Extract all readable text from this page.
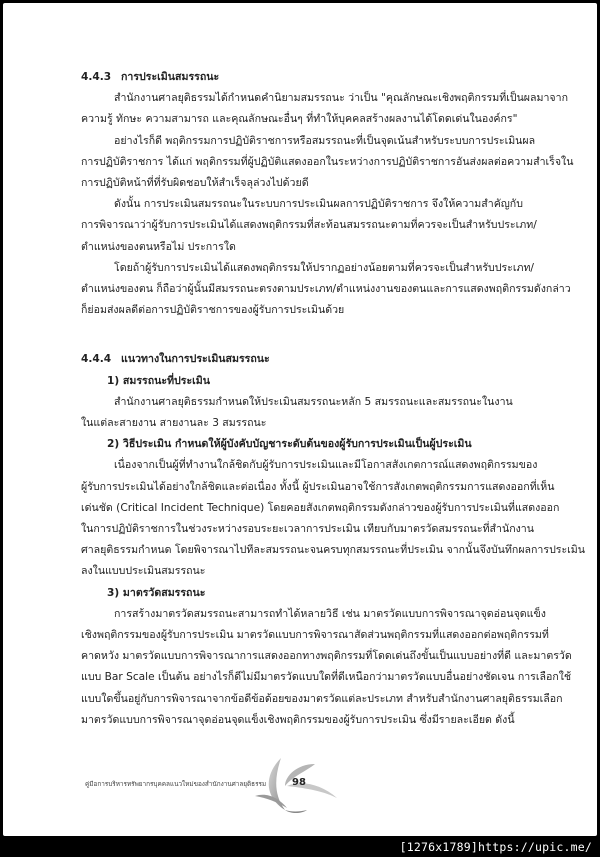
4.4.3 การประเมินสมรรถนะ
สำนักงานศาลยุติธรรมได้กำหนดคำนิยามสมรรถนะ ว่าเป็น "คุณลักษณะเชิงพฤติกรรมที่เป็นผลมาจาก
ความรู้ ทักษะ ความสามารถ และคุณลักษณะอื่นๆ ที่ทำให้บุคคลสร้างผลงานได้โดดเด่นในองค์กร"
อย่างไรก็ดี พฤติกรรมการปฏิบัติราชการหรือสมรรถนะที่เป็นจุดเน้นสำหรับระบบการประเมินผล
การปฏิบัติราชการ ได้แก่ พฤติกรรมที่ผู้ปฏิบัติแสดงออกในระหว่างการปฏิบัติราชการอันส่งผลต่อความสำเร็จใน
การปฏิบัติหน้าที่ที่รับผิดชอบให้สำเร็จลุล่วงไปด้วยดี
ดังนั้น การประเมินสมรรถนะในระบบการประเมินผลการปฏิบัติราชการ จึงให้ความสำคัญกับ
การพิจารณาว่าผู้รับการประเมินได้แสดงพฤติกรรมที่สะท้อนสมรรถนะตามที่ควรจะเป็นสำหรับประเภท/
ตำแหน่งของตนหรือไม่ ประการใด
โดยถ้าผู้รับการประเมินได้แสดงพฤติกรรมให้ปรากฏอย่างน้อยตามที่ควรจะเป็นสำหรับประเภท/
ตำแหน่งของตน ก็ถือว่าผู้นั้นมีสมรรถนะตรงตามประเภท/ตำแหน่งงานของตนและการแสดงพฤติกรรมดังกล่าว
ก็ย่อมส่งผลดีต่อการปฏิบัติราชการของผู้รับการประเมินด้วย
4.4.4 แนวทางในการประเมินสมรรถนะ
1) สมรรถนะที่ประเมิน
สำนักงานศาลยุติธรรมกำหนดให้ประเมินสมรรถนะหลัก 5 สมรรถนะและสมรรถนะในงาน
ในแต่ละสายงาน สายงานละ 3 สมรรถนะ
2) วิธีประเมิน กำหนดให้ผู้บังคับบัญชาระดับต้นของผู้รับการประเมินเป็นผู้ประเมิน
เนื่องจากเป็นผู้ที่ทำงานใกล้ชิดกับผู้รับการประเมินและมีโอกาสสังเกตการณ์แสดงพฤติกรรมของ
ผู้รับการประเมินได้อย่างใกล้ชิดและต่อเนื่อง ทั้งนี้ ผู้ประเมินอาจใช้การสังเกตพฤติกรรมการแสดงออกที่เห็น
เด่นชัด (Critical Incident Technique) โดยคอยสังเกตพฤติกรรมดังกล่าวของผู้รับการประเมินที่แสดงออก
ในการปฏิบัติราชการในช่วงระหว่างรอบระยะเวลาการประเมิน เทียบกับมาตรวัดสมรรถนะที่สำนักงาน
ศาลยุติธรรมกำหนด โดยพิจารณาไปทีละสมรรถนะจนครบทุกสมรรถนะที่ประเมิน จากนั้นจึงบันทึกผลการประเมิน
ลงในแบบประเมินสมรรถนะ
3) มาตรวัดสมรรถนะ
การสร้างมาตรวัดสมรรถนะสามารถทำได้หลายวิธี เช่น มาตรวัดแบบการพิจารณาจุดอ่อนจุดแข็ง
เชิงพฤติกรรมของผู้รับการประเมิน มาตรวัดแบบการพิจารณาสัดส่วนพฤติกรรมที่แสดงออกต่อพฤติกรรมที่
คาดหวัง มาตรวัดแบบการพิจารณาการแสดงออกทางพฤติกรรมที่โดดเด่นถึงขั้นเป็นแบบอย่างที่ดี และมาตรวัด
แบบ Bar Scale เป็นต้น อย่างไรก็ดีไม่มีมาตรวัดแบบใดที่ดีเหนือกว่ามาตรวัดแบบอื่นอย่างชัดเจน การเลือกใช้
แบบใดขึ้นอยู่กับการพิจารณาจากข้อดีข้อด้อยของมาตรวัดแต่ละประเภท สำหรับสำนักงานศาลยุติธรรมเลือก
มาตรวัดแบบการพิจารณาจุดอ่อนจุดแข็งเชิงพฤติกรรมของผู้รับการประเมิน ซึ่งมีรายละเอียด ดังนี้
คู่มือการบริหารทรัพยากรบุคคลแนวใหม่ของสำนักงานศาลยุติธรรม	98
[1276x1789]https://upic.me/
